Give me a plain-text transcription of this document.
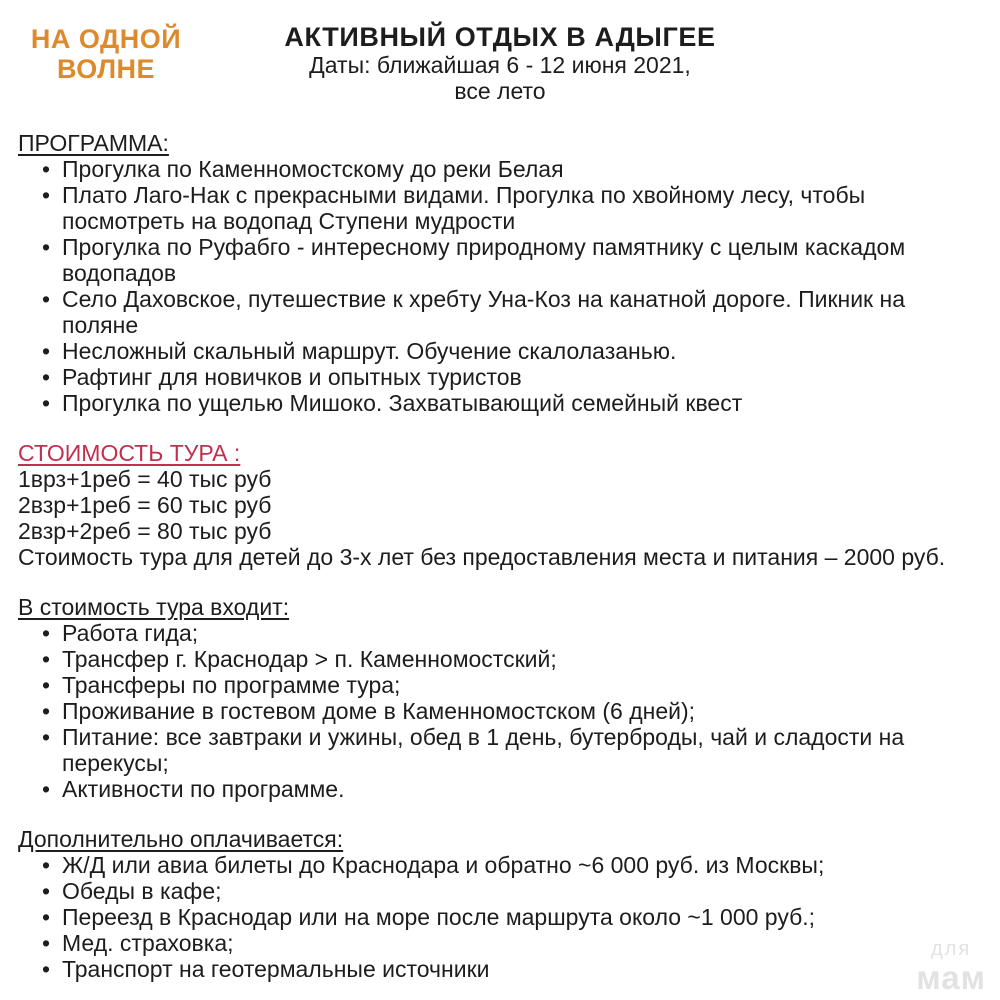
НА ОДНОЙ
ВОЛНЕ
АКТИВНЫЙ ОТДЫХ В АДЫГЕЕ
Даты: ближайшая 6 - 12 июня 2021,
все лето
ПРОГРАММА:
• Прогулка по Каменномостскому до реки Белая
• Плато Лаго-Нак с прекрасными видами. Прогулка по хвойному лесу, чтобы посмотреть на водопад Ступени мудрости
• Прогулка по Руфабго - интересному природному памятнику с целым каскадом водопадов
• Село Даховское, путешествие к хребту Уна-Коз на канатной дороге. Пикник на поляне
• Несложный скальный маршрут. Обучение скалолазанью.
• Рафтинг для новичков и опытных туристов
• Прогулка по ущелью Мишоко. Захватывающий семейный квест
СТОИМОСТЬ ТУРА :
1врз+1реб = 40 тыс руб
2взр+1реб = 60 тыс руб
2взр+2реб = 80 тыс руб
Стоимость тура для детей до 3-х лет без предоставления места и питания – 2000 руб.
В стоимость тура входит:
• Работа гида;
• Трансфер г. Краснодар > п. Каменномостский;
• Трансферы по программе тура;
• Проживание в гостевом доме в Каменномостском (6 дней);
• Питание: все завтраки и ужины, обед в 1 день, бутерброды, чай и сладости на перекусы;
• Активности по программе.
Дополнительно оплачивается:
• Ж/Д или авиа билеты до Краснодара и обратно ~6 000 руб. из Москвы;
• Обеды в кафе;
• Переезд в Краснодар или на море после маршрута около ~1 000 руб.;
• Мед. страховка;
• Транспорт на геотермальные источники
для
мам
